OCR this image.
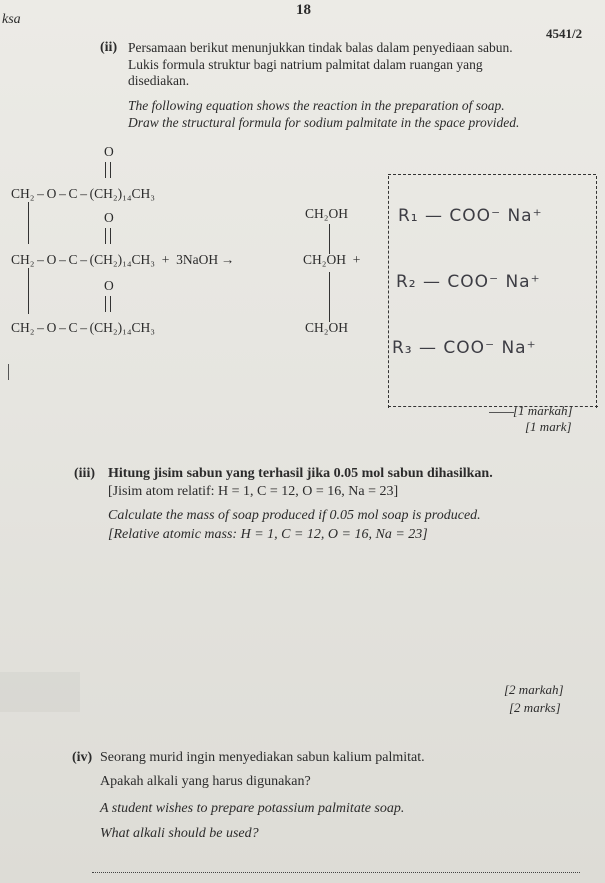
ksa
18
4541/2
(ii) Persamaan berikut menunjukkan tindak balas dalam penyediaan sabun.
Lukis formula struktur bagi natrium palmitat dalam ruangan yang
disediakan.
The following equation shows the reaction in the preparation of soap.
Draw the structural formula for sodium palmitate in the space provided.
O
CH₂ – O – C – (CH₂)₁₄CH₃
O
CH₂ – O – C – (CH₂)₁₄CH₃ + 3NaOH →
O
CH₂ – O – C – (CH₂)₁₄CH₃
CH₂OH
CH₂OH +
CH₂OH
R₁ — COO⁻ Na⁺
R₂ — COO⁻ Na⁺
R₃ — COO⁻ Na⁺
[1 markah]
[1 mark]
(iii) Hitung jisim sabun yang terhasil jika 0.05 mol sabun dihasilkan.
[Jisim atom relatif: H = 1, C = 12, O = 16, Na = 23]
Calculate the mass of soap produced if 0.05 mol soap is produced.
[Relative atomic mass: H = 1, C = 12, O = 16, Na = 23]
[2 markah]
[2 marks]
(iv) Seorang murid ingin menyediakan sabun kalium palmitat.
Apakah alkali yang harus digunakan?
A student wishes to prepare potassium palmitate soap.
What alkali should be used?
